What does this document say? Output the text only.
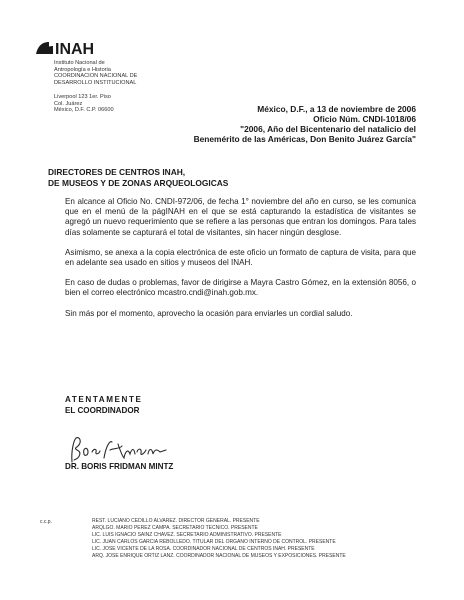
INAH
Instituto Nacional de
Antropología e Historia
COORDINACION NACIONAL DE
DESARROLLO INSTITUCIONAL
Liverpool 123 1er. Piso
Col. Juárez
México, D.F. C.P. 06600	México, D.F., a 13 de noviembre de 2006
Oficio Núm. CNDI-1018/06
"2006, Año del Bicentenario del natalicio del
Benemérito de las Américas, Don Benito Juárez García"
DIRECTORES DE CENTROS INAH,
DE MUSEOS Y DE ZONAS ARQUEOLOGICAS

En alcance al Oficio No. CNDI-972/06, de fecha 1° noviembre del año en curso, se les comunica que en el menú de la págINAH en el que se está capturando la estadística de visitantes se agregó un nuevo requerimiento que se refiere a las personas que entran los domingos. Para tales días solamente se capturará el total de visitantes, sin hacer ningún desglose.

Asimismo, se anexa a la copia electrónica de este oficio un formato de captura de visita, para que en adelante sea usado en sitios y museos del INAH.

En caso de dudas o problemas, favor de dirigirse a Mayra Castro Gómez, en la extensión 8056, o bien el correo electrónico mcastro.cndi@inah.gob.mx.

Sin más por el momento, aprovecho la ocasión para enviarles un cordial saludo.

ATENTAMENTE
EL COORDINADOR
DR. BORIS FRIDMAN MINTZ
c.c.p.	REST. LUCIANO CEDILLO ALVAREZ. DIRECTOR GENERAL. PRESENTE
ARQLGO. MARIO PEREZ CAMPA. SECRETARIO TECNICO. PRESENTE
LIC. LUIS IGNACIO SAINZ CHAVEZ. SECRETARIO ADMINISTRATIVO. PRESENTE
LIC. JUAN CARLOS GARCIA REBOLLEDO. TITULAR DEL ORGANO INTERNO DE CONTROL. PRESENTE
LIC. JOSE VICENTE DE LA ROSA. COORDINADOR NACIONAL DE CENTROS INAH. PRESENTE
ARQ. JOSE ENRIQUE ORTIZ LANZ. COORDINADOR NACIONAL DE MUSEOS Y EXPOSICIONES. PRESENTE
